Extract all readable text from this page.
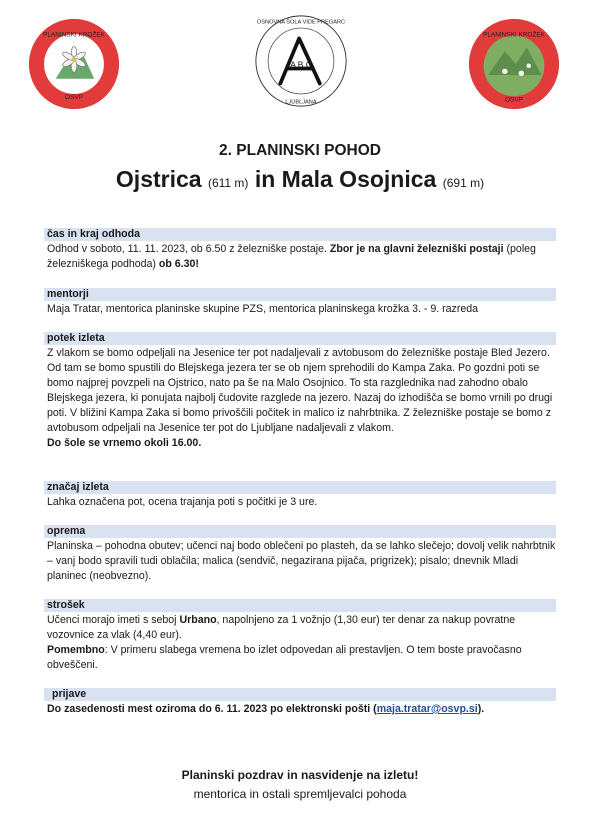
PLANINSKI KROŽEK
OSVP
A B C
OSNOVNA ŠOLA VIDE PREGARC
LJUBLJANA
PLANINSKI KROŽEK
OSVP
2. PLANINSKI POHOD
Ojstrica (611 m) in Mala Osojnica (691 m)
čas in kraj odhoda
Odhod v soboto, 11. 11. 2023, ob 6.50 z železniške postaje. Zbor je na glavni železniški postaji (poleg železniškega podhoda) ob 6.30!
mentorji
Maja Tratar, mentorica planinske skupine PZS, mentorica planinskega krožka 3. - 9. razreda
potek izleta
Z vlakom se bomo odpeljali na Jesenice ter pot nadaljevali z avtobusom do železniške postaje Bled Jezero. Od tam se bomo spustili do Blejskega jezera ter se ob njem sprehodili do Kampa Zaka. Po gozdni poti se bomo najprej povzpeli na Ojstrico, nato pa še na Malo Osojnico. To sta razglednika nad zahodno obalo Blejskega jezera, ki ponujata najbolj čudovite razglede na jezero. Nazaj do izhodišča se bomo vrnili po drugi poti. V bližini Kampa Zaka si bomo privoščili počitek in malico iz nahrbtnika. Z železniške postaje se bomo z avtobusom odpeljali na Jesenice ter pot do Ljubljane nadaljevali z vlakom.
Do šole se vrnemo okoli 16.00.
značaj izleta
Lahka označena pot, ocena trajanja poti s počitki je 3 ure.
oprema
Planinska – pohodna obutev; učenci naj bodo oblečeni po plasteh, da se lahko slečejo; dovolj velik nahrbtnik – vanj bodo spravili tudi oblačila; malica (sendvič, negazirana pijača, prigrizek); pisalo; dnevnik Mladi planinec (neobvezno).
strošek
Učenci morajo imeti s seboj Urbano, napolnjeno za 1 vožnjo (1,30 eur) ter denar za nakup povratne vozovnice za vlak (4,40 eur).
Pomembno: V primeru slabega vremena bo izlet odpovedan ali prestavljen. O tem boste pravočasno obveščeni.
prijave
Do zasedenosti mest oziroma do 6. 11. 2023 po elektronski pošti (maja.tratar@osvp.si).
Planinski pozdrav in nasvidenje na izletu!
mentorica in ostali spremljevalci pohoda
